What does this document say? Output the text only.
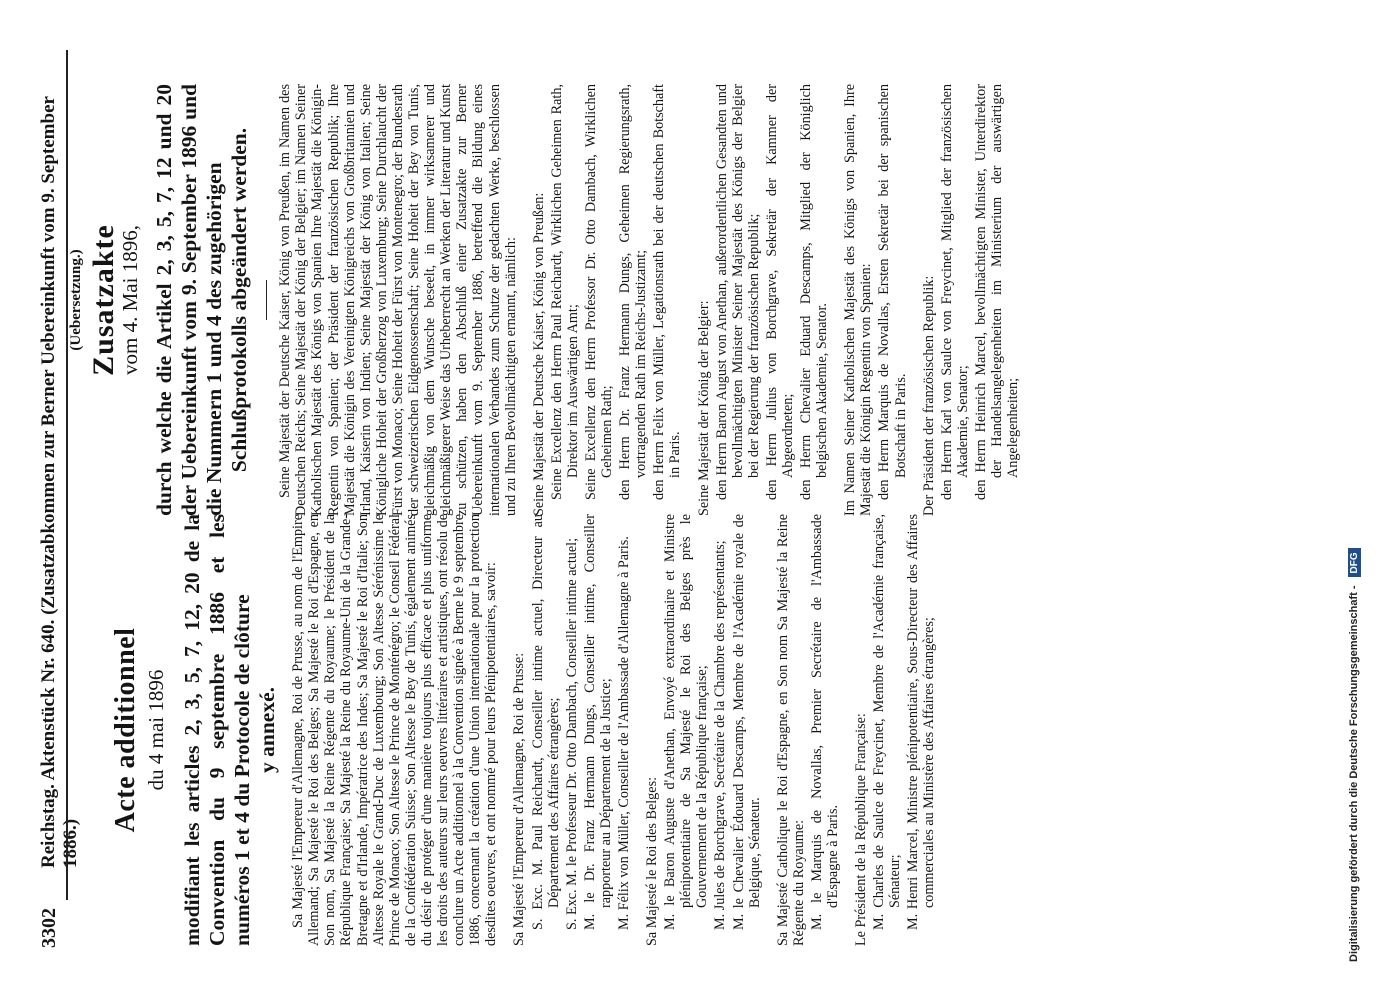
3302
Reichstag. Aktenstück Nr. 640. (Zusatzabkommen zur Berner Uebereinkunft vom 9. September 1886.)
Acte additionnel du 4 mai 1896 modifiant les articles 2, 3, 5, 7, 12, 20 de la Convention du 9 septembre 1886 et les numéros 1 et 4 du Protocole de clôture y annexé. Sa Majesté l'Empereur d'Allemagne, Roi de Prusse, au nom de l'Empire Allemand; Sa Majesté le Roi des Belges; Sa Majesté le Roi d'Espagne, en Son nom, Sa Majesté la Reine Régente du Royaume; le Président de la République Française; Sa Majesté la Reine du Royaume-Uni de la Grande-Bretagne et d'Irlande, Impératrice des Indes; Sa Majesté le Roi d'Italie; Son Altesse Royale le Grand-Duc de Luxembourg; Son Altesse Sérénissime le Prince de Monaco; Son Altesse le Prince de Monténégro; le Conseil Fédéral de la Confédération Suisse; Son Altesse le Bey de Tunis, également animés du désir de protéger d'une manière toujours plus efficace et plus uniforme les droits des auteurs sur leurs oeuvres littéraires et artistiques, ont résolu de conclure un Acte additionnel à la Convention signée à Berne le 9 septembre 1886, concernant la création d'une Union internationale pour la protection desdites oeuvres, et ont nommé pour leurs Plénipotentiaires, savoir: Sa Majesté l'Empereur d'Allemagne, Roi de Prusse: S. Exc. M. Paul Reichardt, Conseiller intime actuel, Directeur au Département des Affaires étrangères; S. Exc. M. le Professeur Dr. Otto Dambach, Conseiller intime actuel; M. le Dr. Franz Hermann Dungs, Conseiller intime, Conseiller rapporteur au Département de la Justice; M. Félix von Müller, Conseiller de l'Ambassade d'Allemagne à Paris. Sa Majesté le Roi des Belges: M. le Baron Auguste d'Anethan, Envoyé extraordinaire et Ministre plénipotentiaire de Sa Majesté le Roi des Belges près le Gouvernement de la République française; M. Jules de Borchgrave, Secrétaire de la Chambre des représentants; M. le Chevalier Édouard Descamps, Membre de l'Académie royale de Belgique, Sénateur. Sa Majesté Catholique le Roi d'Espagne, en Son nom Sa Majesté la Reine Régente du Royaume: M. le Marquis de Novallas, Premier Secrétaire de l'Ambassade d'Espagne à Paris. Le Président de la République Française: M. Charles de Saulce de Freycinet, Membre de l'Académie française, Sénateur; M. Henri Marcel, Ministre plénipotentiaire, Sous-Directeur des Affaires commerciales au Ministère des Affaires étrangères;
(Uebersetzung.) Zusatzakte
vom 4. Mai 1896, durch welche die Artikel 2, 3, 5, 7, 12 und 20 der Uebereinkunft vom 9. September 1896 und die Nummern 1 und 4 des zugehörigen Schlußprotokolls abgeändert werden. Seine Majestät der Deutsche Kaiser, König von Preußen, im Namen des Deutschen Reichs; Seine Majestät der König der Belgier; im Namen Seiner Katholischen Majestät des Königs von Spanien Ihre Majestät die Königin-Regentin von Spanien; der Präsident der französischen Republik; Ihre Majestät die Königin des Vereinigten Königreichs von Großbritannien und Irland, Kaiserin von Indien; Seine Majestät der König von Italien; Seine Königliche Hoheit der Großherzog von Luxemburg; Seine Durchlaucht der Fürst von Monaco; Seine Hoheit der Fürst von Montenegro; der Bundesrath der schweizerischen Eidgenossenschaft; Seine Hoheit der Bey von Tunis, gleichmäßig von dem Wunsche beseelt, in immer wirksamerer und gleichmäßigerer Weise das Urheberrecht an Werken der Literatur und Kunst zu schützen, haben den Abschluß einer Zusatzakte zur Berner Uebereinkunft vom 9. September 1886, betreffend die Bildung eines internationalen Verbandes zum Schutze der gedachten Werke, beschlossen und zu Ihren Bevollmächtigten ernannt, nämlich: Seine Majestät der Deutsche Kaiser, König von Preußen: Seine Excellenz den Herrn Paul Reichardt, Wirklichen Geheimen Rath, Direktor im Auswärtigen Amt; Seine Excellenz den Herrn Professor Dr. Otto Dambach, Wirklichen Geheimen Rath; den Herrn Dr. Franz Hermann Dungs, Geheimen Regierungsrath, vortragenden Rath im Reichs-Justizamt; den Herrn Felix von Müller, Legationsrath bei der deutschen Botschaft in Paris. Seine Majestät der König der Belgier: den Herrn Baron August von Anethan, außerordentlichen Gesandten und bevollmächtigten Minister Seiner Majestät des Königs der Belgier bei der Regierung der französischen Republik; den Herrn Julius von Borchgrave, Sekretär der Kammer der Abgeordneten; den Herrn Chevalier Eduard Descamps, Mitglied der Königlich belgischen Akademie, Senator. Im Namen Seiner Katholischen Majestät des Königs von Spanien, Ihre Majestät die Königin Regentin von Spanien: den Herrn Marquis de Novallas, Ersten Sekretär bei der spanischen Botschaft in Paris. Der Präsident der französischen Republik: den Herrn Karl von Saulce von Freycinet, Mitglied der französischen Akademie, Senator; den Herrn Heinrich Marcel, bevollmächtigten Minister, Unterdirektor der Handelsangelegenheiten im Ministerium der auswärtigen Angelegenheiten;
Digitalisierung gefördert durch die Deutsche Forschungsgemeinschaft -DFG
